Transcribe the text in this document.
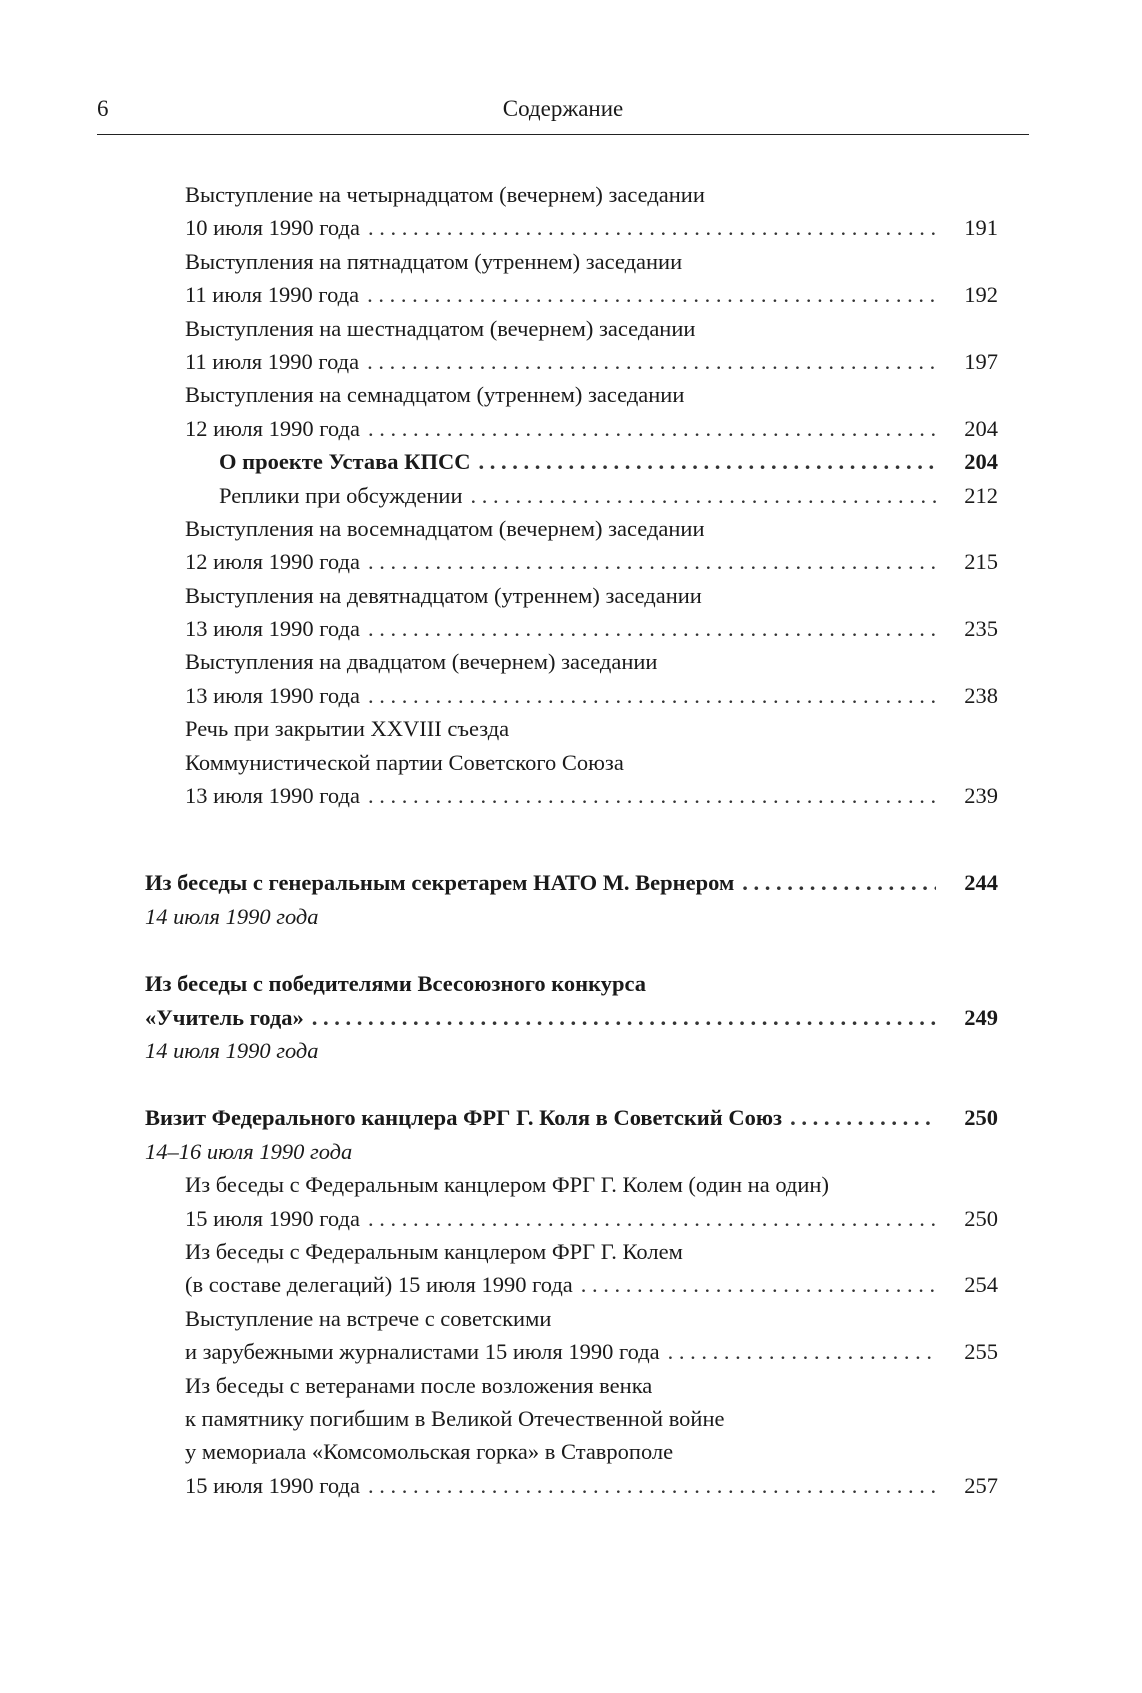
6	Содержание
Выступление на четырнадцатом (вечернем) заседании
10 июля 1990 года . . .	191
Выступления на пятнадцатом (утреннем) заседании
11 июля 1990 года . . .	192
Выступления на шестнадцатом (вечернем) заседании
11 июля 1990 года . . .	197
Выступления на семнадцатом (утреннем) заседании
12 июля 1990 года . . .	204
О проекте Устава КПСС . . .	204
Реплики при обсуждении . . .	212
Выступления на восемнадцатом (вечернем) заседании
12 июля 1990 года . . .	215
Выступления на девятнадцатом (утреннем) заседании
13 июля 1990 года . . .	235
Выступления на двадцатом (вечернем) заседании
13 июля 1990 года . . .	238
Речь при закрытии XXVIII съезда
Коммунистической партии Советского Союза
13 июля 1990 года . . .	239
Из беседы с генеральным секретарем НАТО М. Вернером . . .	244
14 июля 1990 года
Из беседы с победителями Всесоюзного конкурса
«Учитель года» . . .	249
14 июля 1990 года
Визит Федерального канцлера ФРГ Г. Коля в Советский Союз . . .	250
14–16 июля 1990 года
Из беседы с Федеральным канцлером ФРГ Г. Колем (один на один)
15 июля 1990 года . . .	250
Из беседы с Федеральным канцлером ФРГ Г. Колем
(в составе делегаций) 15 июля 1990 года . . .	254
Выступление на встрече с советскими
и зарубежными журналистами 15 июля 1990 года . . .	255
Из беседы с ветеранами после возложения венка
к памятнику погибшим в Великой Отечественной войне
у мемориала «Комсомольская горка» в Ставрополе
15 июля 1990 года . . .	257
